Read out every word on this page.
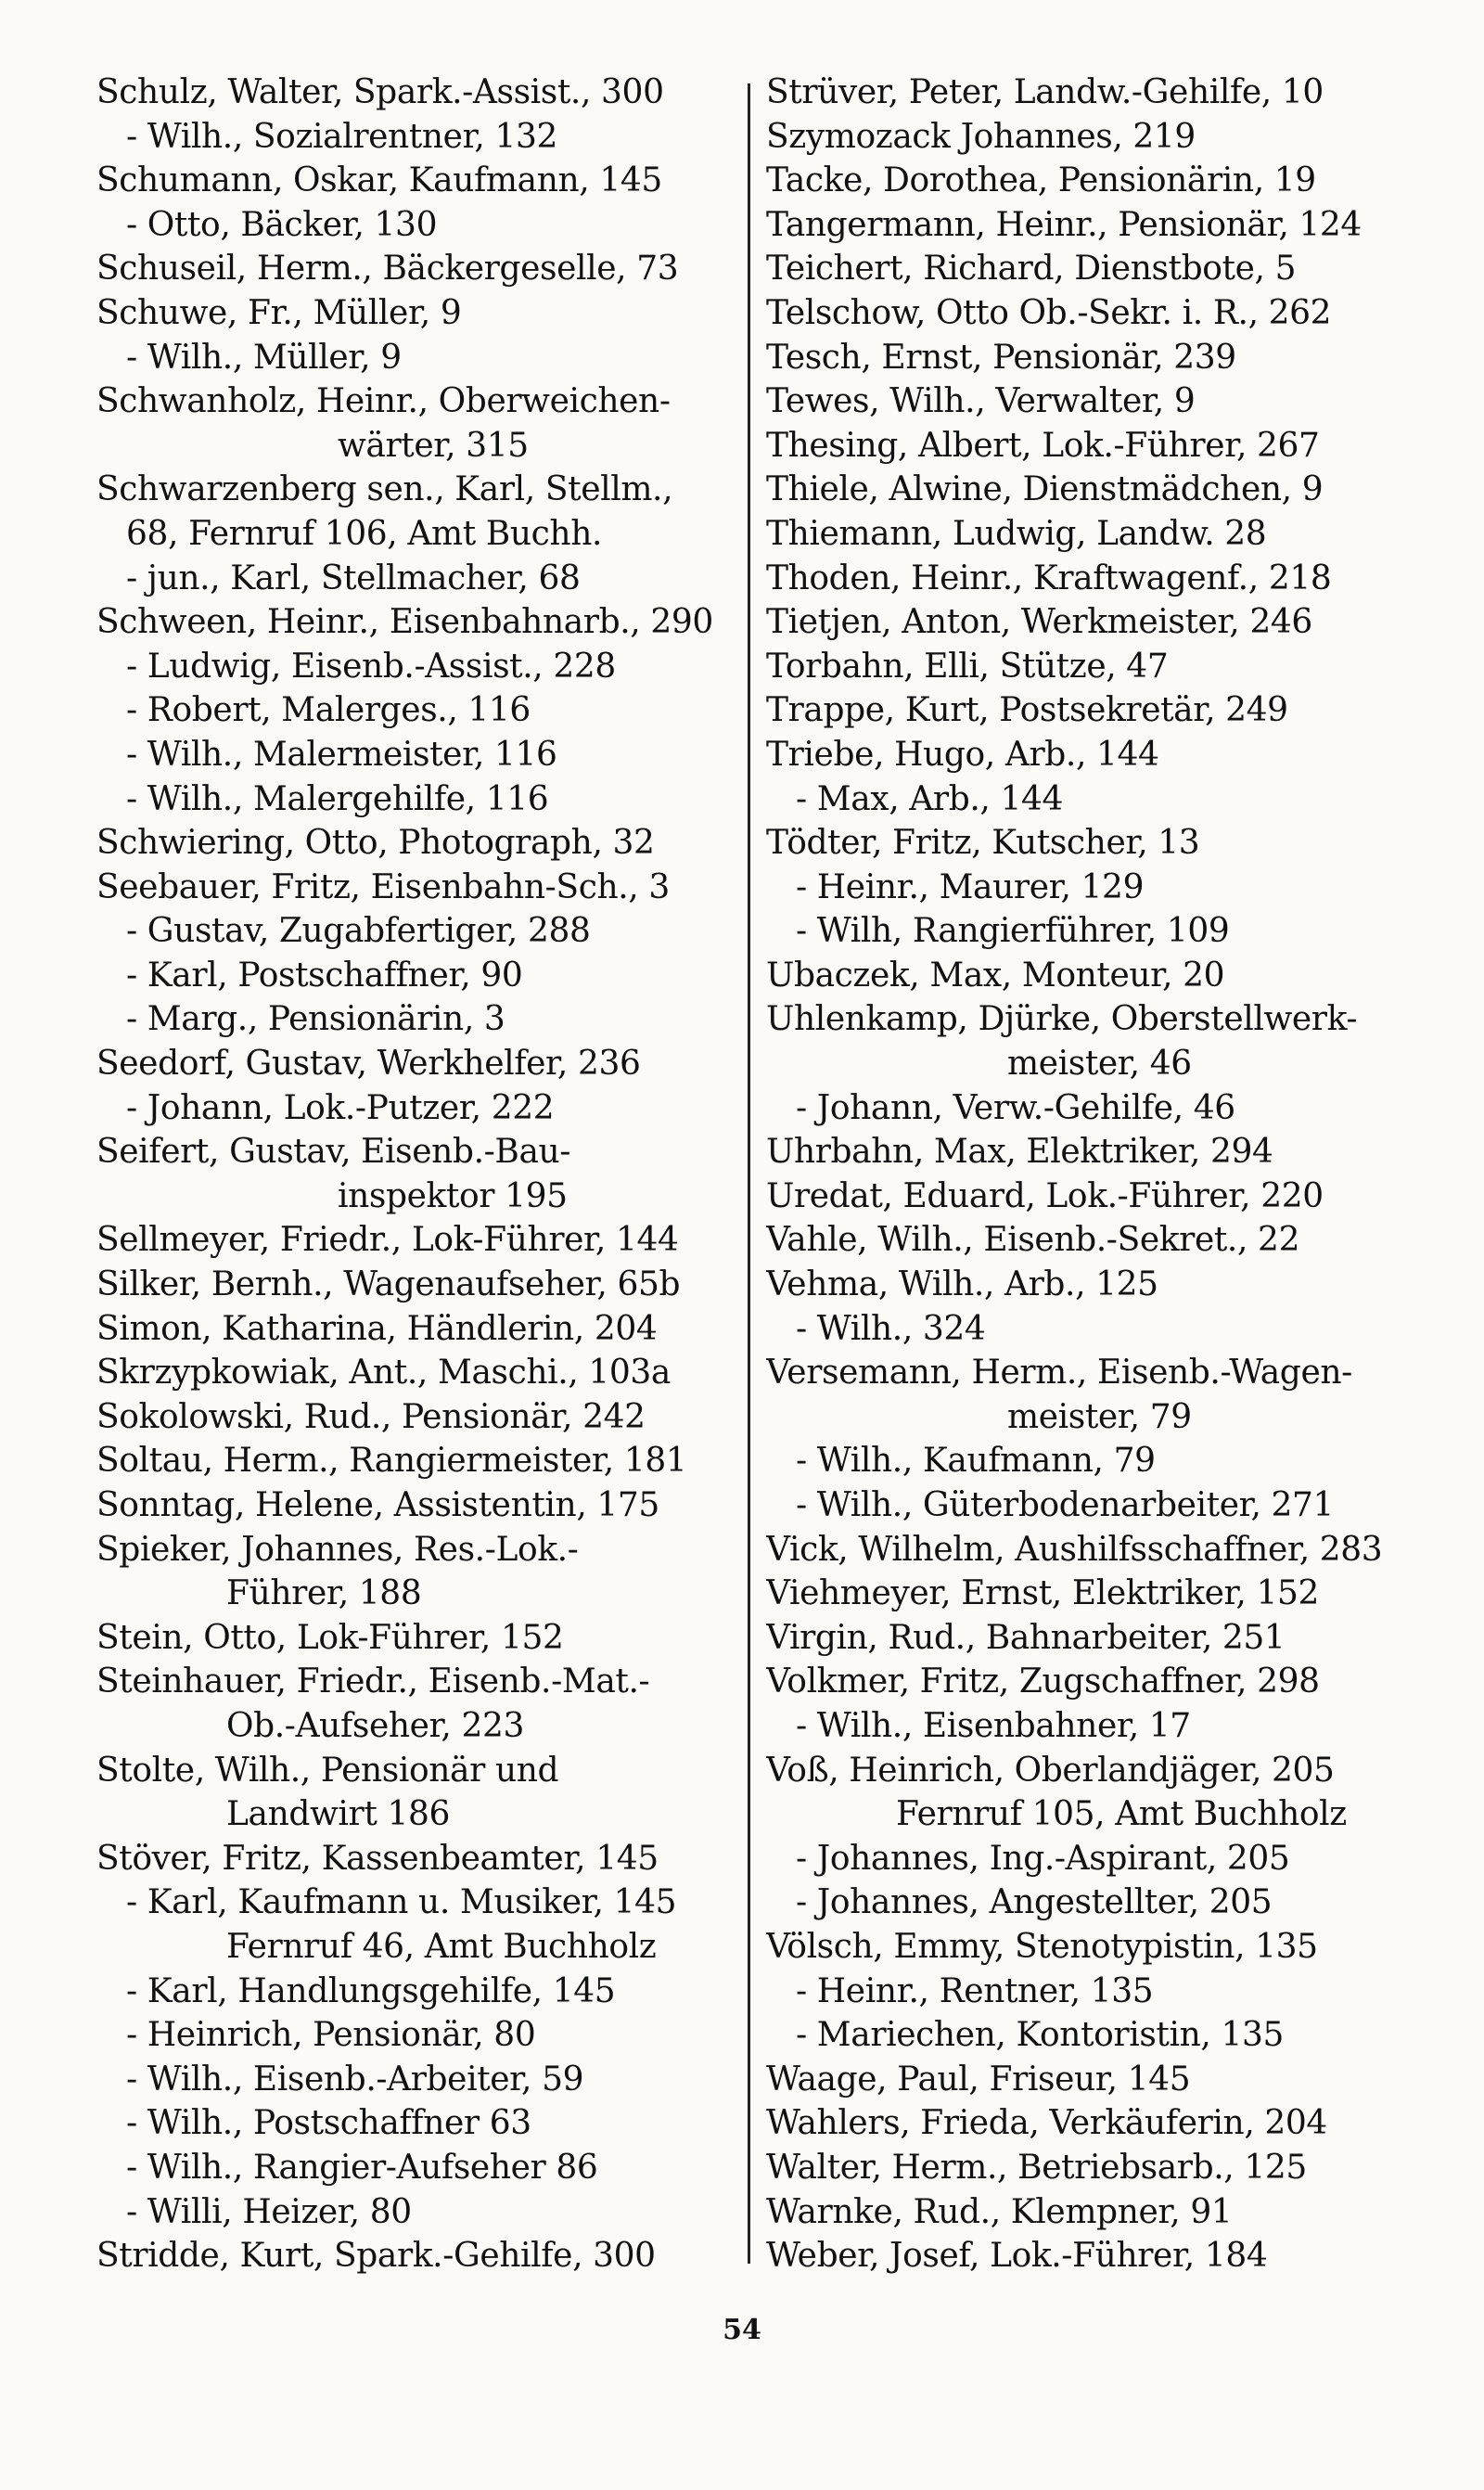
Schulz, Walter, Spark.-Assist., 300
- Wilh., Sozialrentner, 132
Schumann, Oskar, Kaufmann, 145
- Otto, Bäcker, 130
Schuseil, Herm., Bäckergeselle, 73
Schuwe, Fr., Müller, 9
- Wilh., Müller, 9
Schwanholz, Heinr., Oberweichen-
wärter, 315
Schwarzenberg sen., Karl, Stellm.,
68, Fernruf 106, Amt Buchh.
- jun., Karl, Stellmacher, 68
Schween, Heinr., Eisenbahnarb., 290
- Ludwig, Eisenb.-Assist., 228
- Robert, Malerges., 116
- Wilh., Malermeister, 116
- Wilh., Malergehilfe, 116
Schwiering, Otto, Photograph, 32
Seebauer, Fritz, Eisenbahn-Sch., 3
- Gustav, Zugabfertiger, 288
- Karl, Postschaffner, 90
- Marg., Pensionärin, 3
Seedorf, Gustav, Werkhelfer, 236
- Johann, Lok.-Putzer, 222
Seifert, Gustav, Eisenb.-Bau-
inspektor 195
Sellmeyer, Friedr., Lok-Führer, 144
Silker, Bernh., Wagenaufseher, 65b
Simon, Katharina, Händlerin, 204
Skrzypkowiak, Ant., Maschi., 103a
Sokolowski, Rud., Pensionär, 242
Soltau, Herm., Rangiermeister, 181
Sonntag, Helene, Assistentin, 175
Spieker, Johannes, Res.-Lok.-
Führer, 188
Stein, Otto, Lok-Führer, 152
Steinhauer, Friedr., Eisenb.-Mat.-
Ob.-Aufseher, 223
Stolte, Wilh., Pensionär und
Landwirt 186
Stöver, Fritz, Kassenbeamter, 145
- Karl, Kaufmann u. Musiker, 145
Fernruf 46, Amt Buchholz
- Karl, Handlungsgehilfe, 145
- Heinrich, Pensionär, 80
- Wilh., Eisenb.-Arbeiter, 59
- Wilh., Postschaffner 63
- Wilh., Rangier-Aufseher 86
- Willi, Heizer, 80
Stridde, Kurt, Spark.-Gehilfe, 300
Strüver, Peter, Landw.-Gehilfe, 10
Szymozack Johannes, 219
Tacke, Dorothea, Pensionärin, 19
Tangermann, Heinr., Pensionär, 124
Teichert, Richard, Dienstbote, 5
Telschow, Otto Ob.-Sekr. i. R., 262
Tesch, Ernst, Pensionär, 239
Tewes, Wilh., Verwalter, 9
Thesing, Albert, Lok.-Führer, 267
Thiele, Alwine, Dienstmädchen, 9
Thiemann, Ludwig, Landw. 28
Thoden, Heinr., Kraftwagenf., 218
Tietjen, Anton, Werkmeister, 246
Torbahn, Elli, Stütze, 47
Trappe, Kurt, Postsekretär, 249
Triebe, Hugo, Arb., 144
- Max, Arb., 144
Tödter, Fritz, Kutscher, 13
- Heinr., Maurer, 129
- Wilh, Rangierführer, 109
Ubaczek, Max, Monteur, 20
Uhlenkamp, Djürke, Oberstellwerk-
meister, 46
- Johann, Verw.-Gehilfe, 46
Uhrbahn, Max, Elektriker, 294
Uredat, Eduard, Lok.-Führer, 220
Vahle, Wilh., Eisenb.-Sekret., 22
Vehma, Wilh., Arb., 125
- Wilh., 324
Versemann, Herm., Eisenb.-Wagen-
meister, 79
- Wilh., Kaufmann, 79
- Wilh., Güterbodenarbeiter, 271
Vick, Wilhelm, Aushilfsschaffner, 283
Viehmeyer, Ernst, Elektriker, 152
Virgin, Rud., Bahnarbeiter, 251
Volkmer, Fritz, Zugschaffner, 298
- Wilh., Eisenbahner, 17
Voß, Heinrich, Oberlandjäger, 205
Fernruf 105, Amt Buchholz
- Johannes, Ing.-Aspirant, 205
- Johannes, Angestellter, 205
Völsch, Emmy, Stenotypistin, 135
- Heinr., Rentner, 135
- Mariechen, Kontoristin, 135
Waage, Paul, Friseur, 145
Wahlers, Frieda, Verkäuferin, 204
Walter, Herm., Betriebsarb., 125
Warnke, Rud., Klempner, 91
Weber, Josef, Lok.-Führer, 184
54
